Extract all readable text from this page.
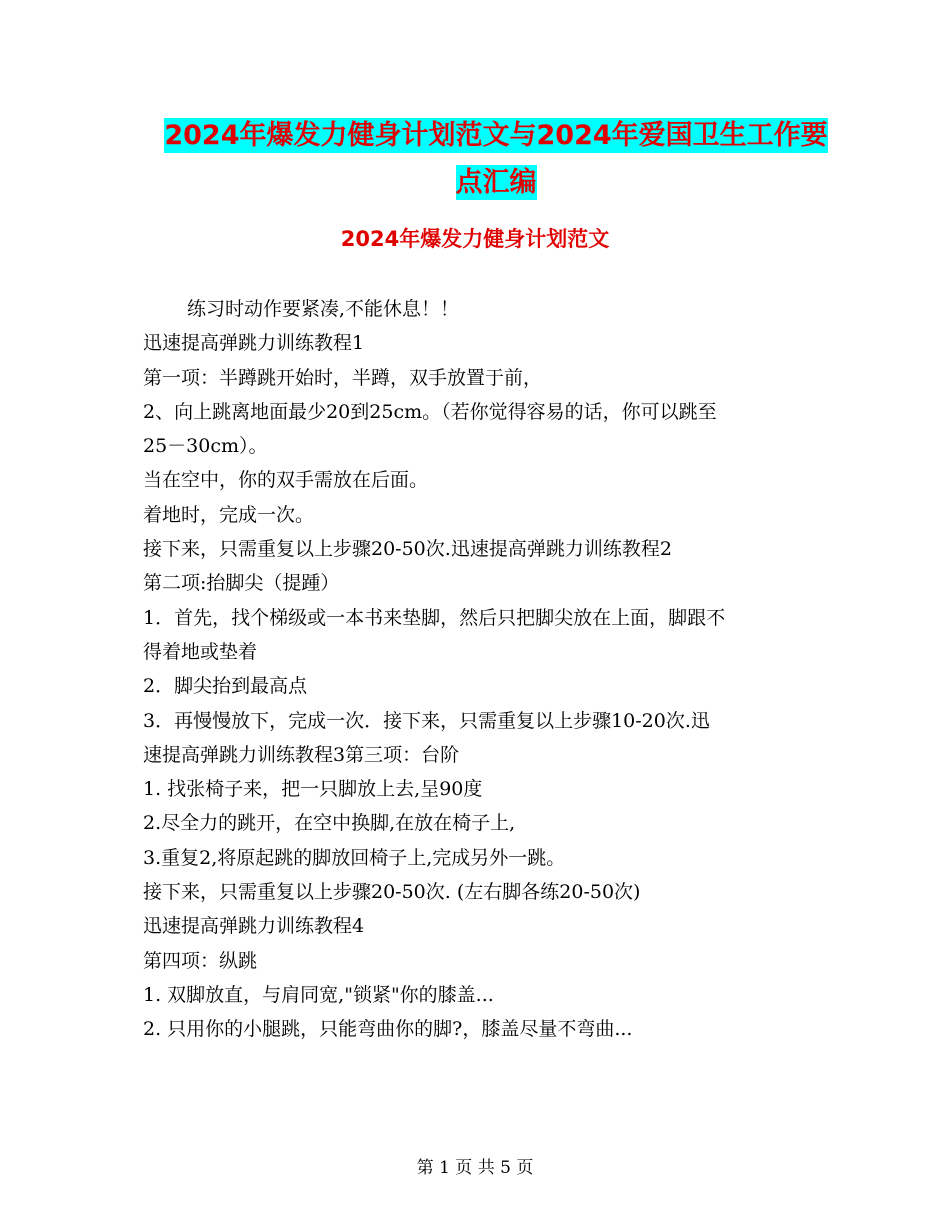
2024年爆发力健身计划范文与2024年爱国卫生工作要
点汇编
2024年爆发力健身计划范文

练习时动作要紧凑,不能休息！！

迅速提高弹跳力训练教程1

第一项：半蹲跳开始时，半蹲，双手放置于前，

2、向上跳离地面最少20到25cm。（若你觉得容易的话，你可以跳至

25－30cm）。

当在空中，你的双手需放在后面。

着地时，完成一次。

接下来，只需重复以上步骤20-50次.迅速提高弹跳力训练教程2

第二项:抬脚尖（提踵）

1．首先，找个梯级或一本书来垫脚，然后只把脚尖放在上面，脚跟不

得着地或垫着

2．脚尖抬到最高点

3．再慢慢放下，完成一次．接下来，只需重复以上步骤10-20次.迅

速提高弹跳力训练教程3第三项：台阶

1. 找张椅子来，把一只脚放上去,呈90度

2.尽全力的跳开，在空中换脚,在放在椅子上,

3.重复2,将原起跳的脚放回椅子上,完成另外一跳。

接下来，只需重复以上步骤20-50次. (左右脚各练20-50次)

迅速提高弹跳力训练教程4

第四项：纵跳

1. 双脚放直，与肩同宽,"锁紧"你的膝盖...

2. 只用你的小腿跳，只能弯曲你的脚?，膝盖尽量不弯曲...

第 1 页 共 5 页
